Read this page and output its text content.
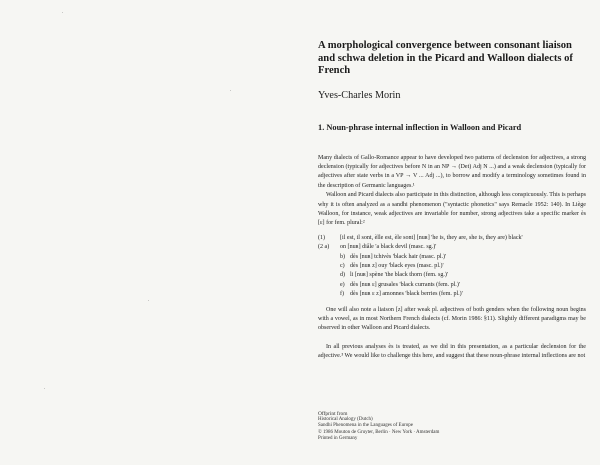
A morphological convergence between consonant liaison and schwa deletion in the Picard and Walloon dialects of French
Yves-Charles Morin
1. Noun-phrase internal inflection in Walloon and Picard

Many dialects of Gallo-Romance appear to have developed two patterns of declension for adjectives, a strong declension (typically for adjectives before N in an NP → (Det) Adj N ...) and a weak declension (typically for adjectives after state verbs in a VP → V ... Adj ...), to borrow and modify a terminology sometimes found in the description of Germanic languages.¹

Walloon and Picard dialects also participate in this distinction, although less conspicuously. This is perhaps why it is often analyzed as a sandhi phenomenon ("syntactic phonetics" says Remacle 1952: 140). In Liège Walloon, for instance, weak adjectives are invariable for number, strong adjectives take a specific marker ès [ɛ] for fem. plural:²

(1)	[il est, il sont, èlle est, èle sont] [nuʀ] 'he is, they are, she is, they are) black'
(2 a)	on [nuʀ] diâle 'a black devil (masc. sg.)'
b) dès [nuʀ] tchivès 'black hair (masc. pl.)'
c) dès [nuʀ z] ouy 'black eyes (masc. pl.)'
d) li [nuʀ] spène 'the black thorn (fem. sg.)'
e) dès [nuʀ ɛ] grusales 'black currants (fem. pl.)'
f) dès [nuʀ ɛ z] amonnes 'black berries (fem. pl.)'

One will also note a liaison [z] after weak pl. adjectives of both genders when the following noun begins with a vowel, as in most Northern French dialects (cf. Morin 1986: §11). Slightly different paradigms may be observed in other Walloon and Picard dialects.

In all previous analyses ès is treated, as we did in this presentation, as a particular declension for the adjective.³ We would like to challenge this here, and suggest that these noun-phrase internal inflections are not

Offprint from
Historical Analogy (Dutch)
Sandhi Phenomena in the Languages of Europe
© 1986 Mouton de Gruyter, Berlin · New York · Amsterdam
Printed in Germany
